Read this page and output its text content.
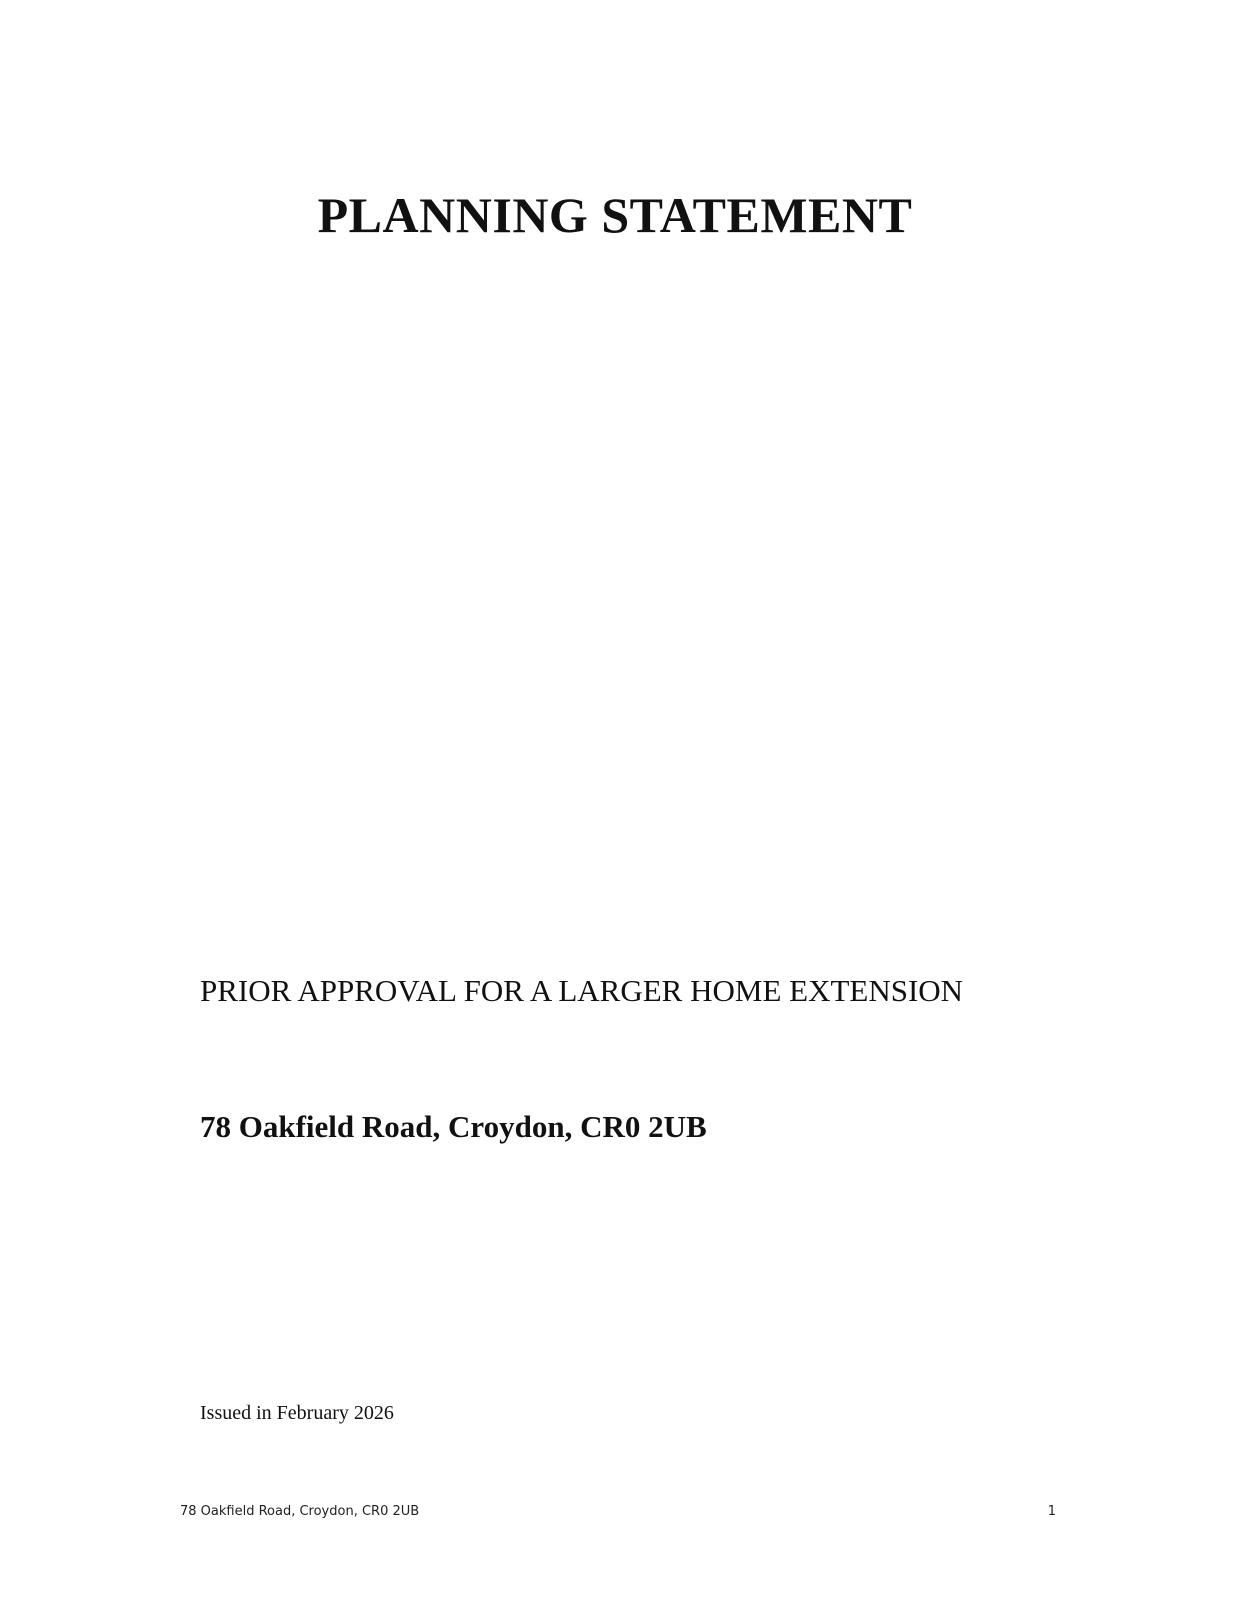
PLANNING STATEMENT

PRIOR APPROVAL FOR A LARGER HOME EXTENSION

78 Oakfield Road, Croydon, CR0 2UB

Issued in February 2026

78 Oakfield Road, Croydon, CR0 2UB	1
